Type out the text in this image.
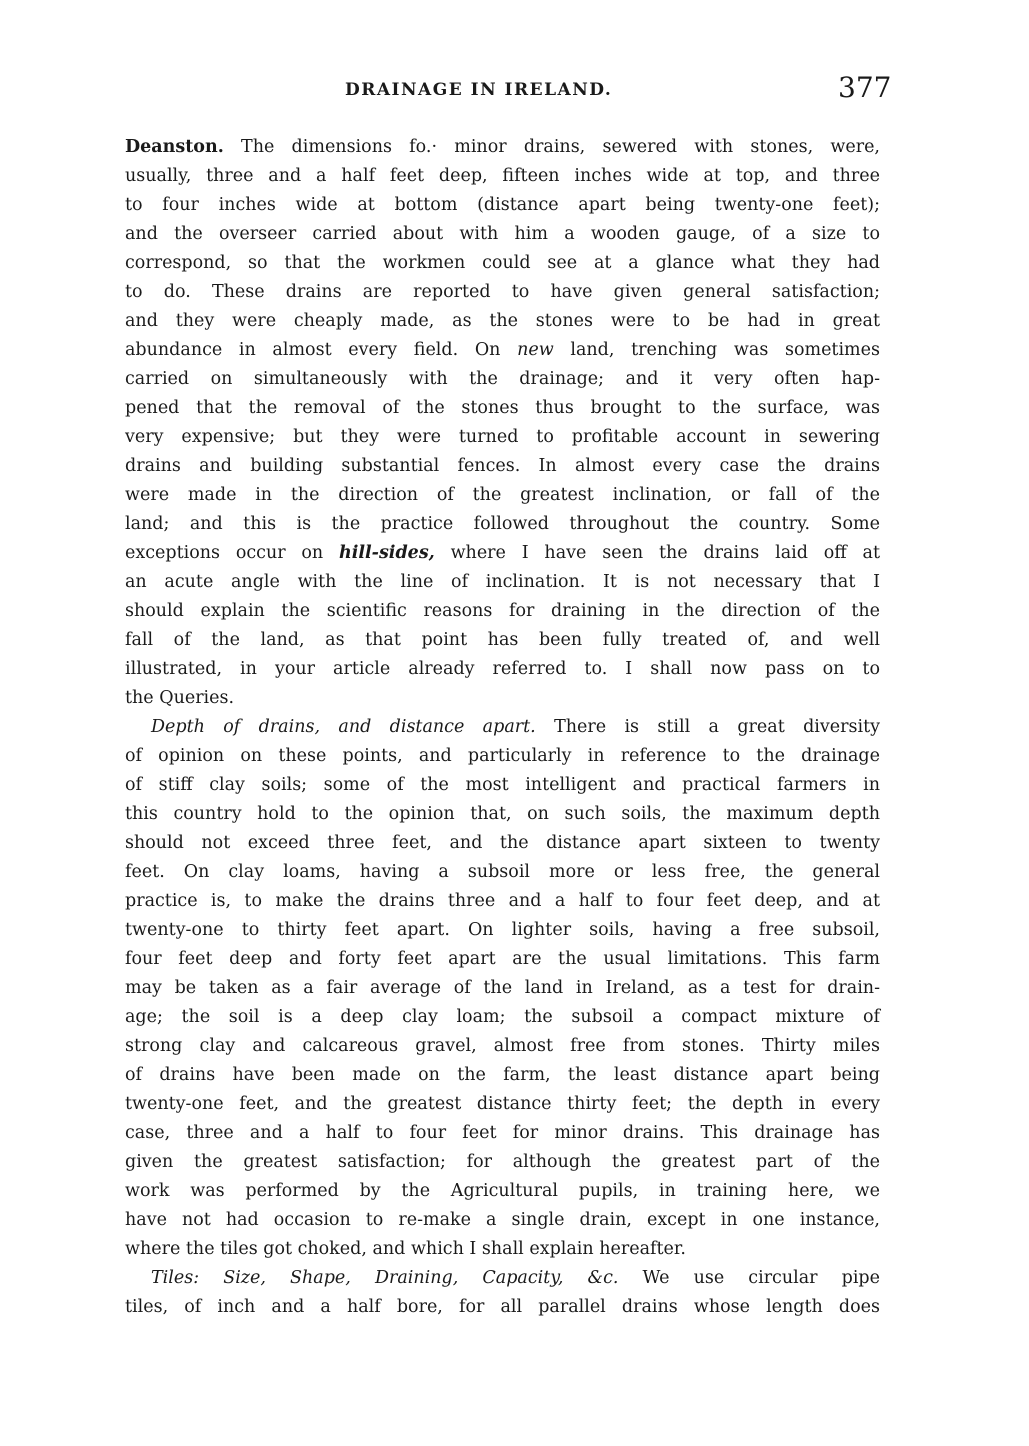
DRAINAGE IN IRELAND.	377

Deanston. The dimensions fo.· minor drains, sewered with stones, were,
usually, three and a half feet deep, fifteen inches wide at top, and three
to four inches wide at bottom (distance apart being twenty-one feet);
and the overseer carried about with him a wooden gauge, of a size to
correspond, so that the workmen could see at a glance what they had
to do. These drains are reported to have given general satisfaction;
and they were cheaply made, as the stones were to be had in great
abundance in almost every field. On new land, trenching was sometimes
carried on simultaneously with the drainage; and it very often hap-
pened that the removal of the stones thus brought to the surface, was
very expensive; but they were turned to profitable account in sewering
drains and building substantial fences. In almost every case the drains
were made in the direction of the greatest inclination, or fall of the
land; and this is the practice followed throughout the country. Some
exceptions occur on hill-sides, where I have seen the drains laid off at
an acute angle with the line of inclination. It is not necessary that I
should explain the scientific reasons for draining in the direction of the
fall of the land, as that point has been fully treated of, and well
illustrated, in your article already referred to. I shall now pass on to
the Queries.

Depth of drains, and distance apart. There is still a great diversity
of opinion on these points, and particularly in reference to the drainage
of stiff clay soils; some of the most intelligent and practical farmers in
this country hold to the opinion that, on such soils, the maximum depth
should not exceed three feet, and the distance apart sixteen to twenty
feet. On clay loams, having a subsoil more or less free, the general
practice is, to make the drains three and a half to four feet deep, and at
twenty-one to thirty feet apart. On lighter soils, having a free subsoil,
four feet deep and forty feet apart are the usual limitations. This farm
may be taken as a fair average of the land in Ireland, as a test for drain-
age; the soil is a deep clay loam; the subsoil a compact mixture of
strong clay and calcareous gravel, almost free from stones. Thirty miles
of drains have been made on the farm, the least distance apart being
twenty-one feet, and the greatest distance thirty feet; the depth in every
case, three and a half to four feet for minor drains. This drainage has
given the greatest satisfaction; for although the greatest part of the
work was performed by the Agricultural pupils, in training here, we
have not had occasion to re-make a single drain, except in one instance,
where the tiles got choked, and which I shall explain hereafter.

Tiles: Size, Shape, Draining, Capacity, &c. We use circular pipe
tiles, of inch and a half bore, for all parallel drains whose length does
